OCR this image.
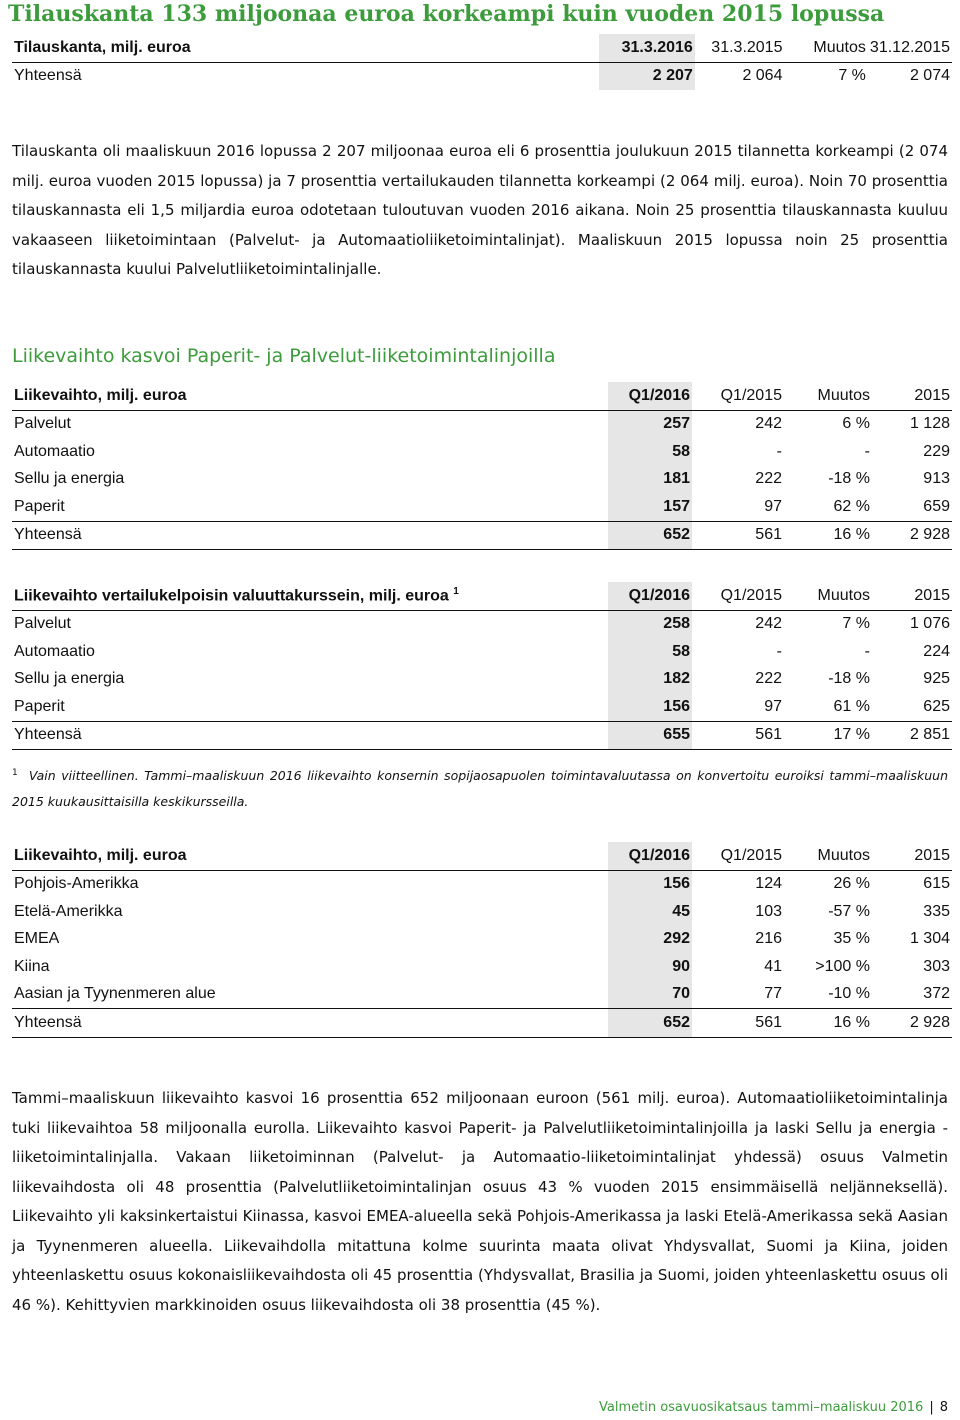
Tilauskanta 133 miljoonaa euroa korkeampi kuin vuoden 2015 lopussa
Tilauskanta, milj. euroa	31.3.2016	31.3.2015	Muutos	31.12.2015
Yhteensä	2 207	2 064	7 %	2 074
Tilauskanta oli maaliskuun 2016 lopussa 2 207 miljoonaa euroa eli 6 prosenttia joulukuun 2015 tilannetta korkeampi (2 074 milj. euroa vuoden 2015 lopussa) ja 7 prosenttia vertailukauden tilannetta korkeampi (2 064 milj. euroa). Noin 70 prosenttia tilauskannasta eli 1,5 miljardia euroa odotetaan tuloutuvan vuoden 2016 aikana. Noin 25 prosenttia tilauskannasta kuuluu vakaaseen liiketoimintaan (Palvelut- ja Automaatioliiketoimintalinjat). Maaliskuun 2015 lopussa noin 25 prosenttia tilauskannasta kuului Palvelutliiketoimintalinjalle.
Liikevaihto kasvoi Paperit- ja Palvelut-liiketoimintalinjoilla
Liikevaihto, milj. euroa	Q1/2016	Q1/2015	Muutos	2015
Palvelut	257	242	6 %	1 128
Automaatio	58	-	-	229
Sellu ja energia	181	222	-18 %	913
Paperit	157	97	62 %	659
Yhteensä	652	561	16 %	2 928
Liikevaihto vertailukelpoisin valuuttakurssein, milj. euroa $^1$	Q1/2016	Q1/2015	Muutos	2015
Palvelut	258	242	7 %	1 076
Automaatio	58	-	-	224
Sellu ja energia	182	222	-18 %	925
Paperit	156	97	61 %	625
Yhteensä	655	561	17 %	2 851
$^1$ Vain viitteellinen. Tammi–maaliskuun 2016 liikevaihto konsernin sopijaosapuolen toimintavaluutassa on konvertoitu euroiksi tammi–maaliskuun 2015 kuukausittaisilla keskikursseilla.
Liikevaihto, milj. euroa	Q1/2016	Q1/2015	Muutos	2015
Pohjois-Amerikka	156	124	26 %	615
Etelä-Amerikka	45	103	-57 %	335
EMEA	292	216	35 %	1 304
Kiina	90	41	>100 %	303
Aasian ja Tyynenmeren alue	70	77	-10 %	372
Yhteensä	652	561	16 %	2 928
Tammi–maaliskuun liikevaihto kasvoi 16 prosenttia 652 miljoonaan euroon (561 milj. euroa). Automaatioliiketoimintalinja tuki liikevaihtoa 58 miljoonalla eurolla. Liikevaihto kasvoi Paperit- ja Palvelutliiketoimintalinjoilla ja laski Sellu ja energia -liiketoimintalinjalla. Vakaan liiketoiminnan (Palvelut- ja Automaatio-liiketoimintalinjat yhdessä) osuus Valmetin liikevaihdosta oli 48 prosenttia (Palvelutliiketoimintalinjan osuus 43 % vuoden 2015 ensimmäisellä neljänneksellä). Liikevaihto yli kaksinkertaistui Kiinassa, kasvoi EMEA-alueella sekä Pohjois-Amerikassa ja laski Etelä-Amerikassa sekä Aasian ja Tyynenmeren alueella. Liikevaihdolla mitattuna kolme suurinta maata olivat Yhdysvallat, Suomi ja Kiina, joiden yhteenlaskettu osuus kokonaisliikevaihdosta oli 45 prosenttia (Yhdysvallat, Brasilia ja Suomi, joiden yhteenlaskettu osuus oli 46 %). Kehittyvien markkinoiden osuus liikevaihdosta oli 38 prosenttia (45 %).
Valmetin osavuosikatsaus tammi–maaliskuu 2016 | 8
